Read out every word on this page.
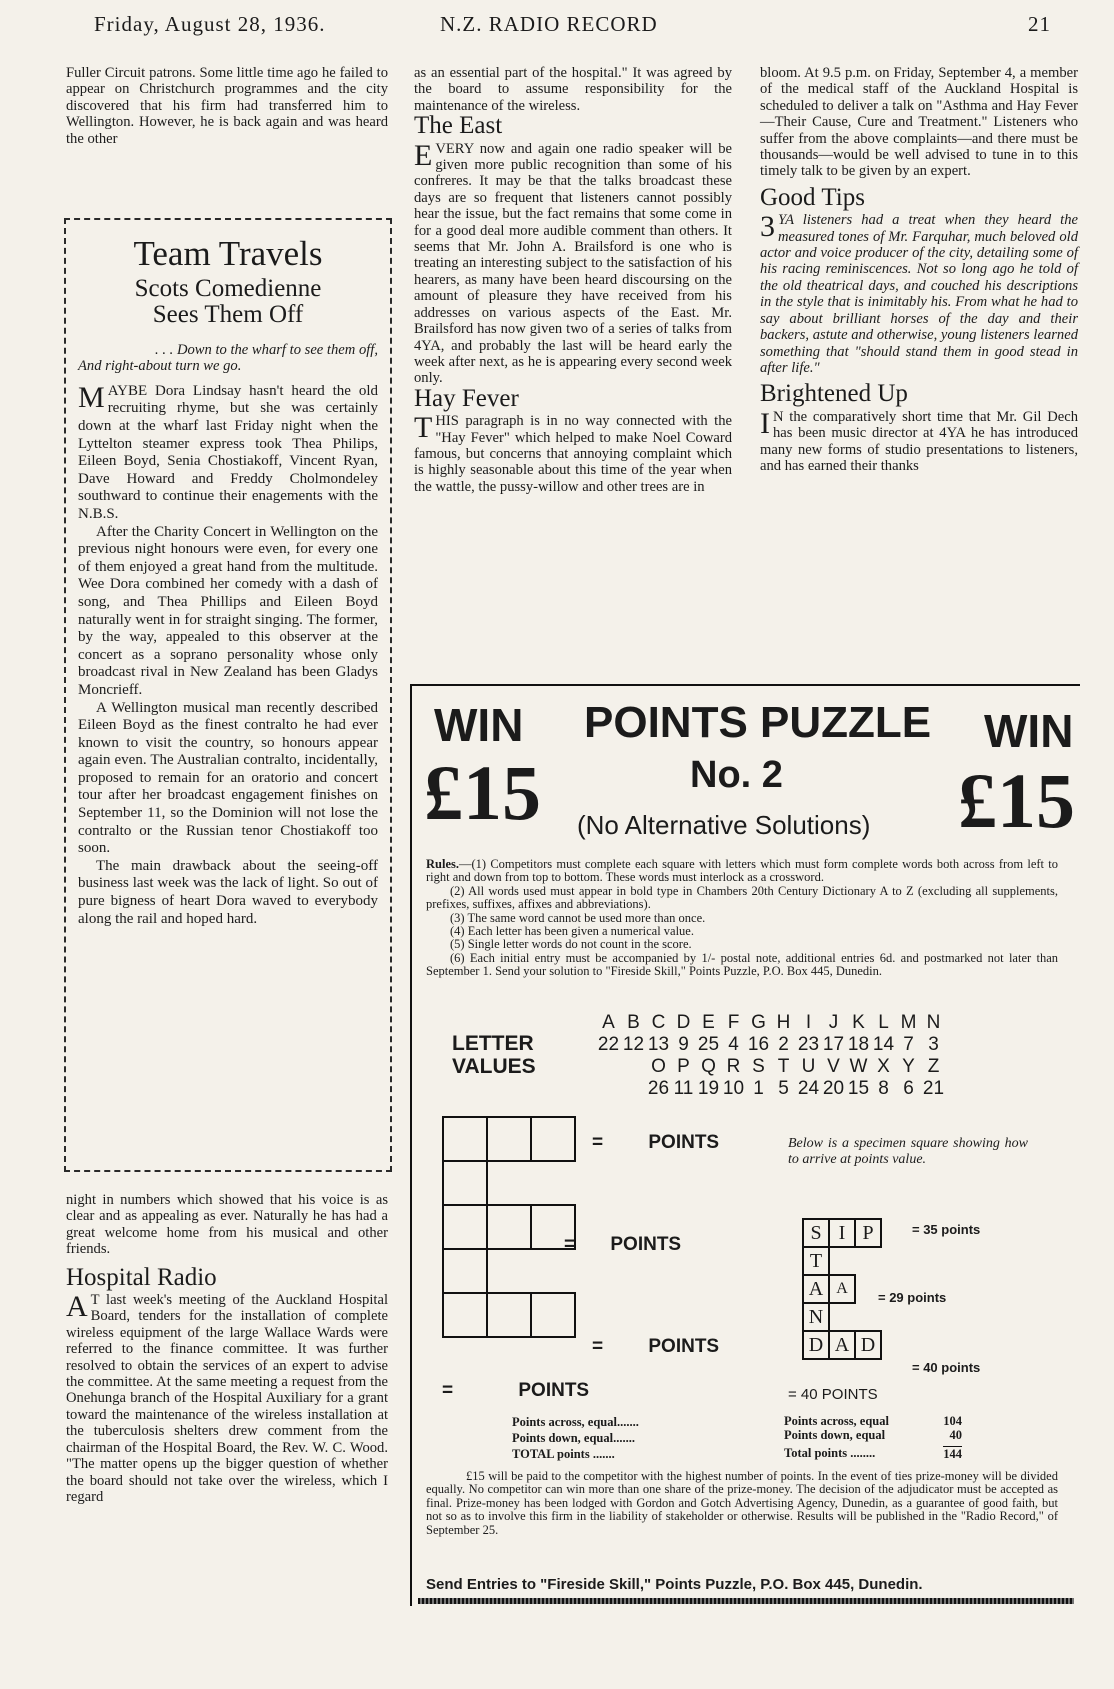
Friday, August 28, 1936.	N.Z. RADIO RECORD	21

Fuller Circuit patrons. Some little time ago he failed to appear on Christchurch programmes and the city discovered that his firm had transferred him to Wellington. However, he is back again and was heard the other

Team Travels
Scots Comedienne
Sees Them Off
. . . Down to the wharf to see them off,
And right-about turn we go.

MAYBE Dora Lindsay hasn't heard the old recruiting rhyme, but she was certainly down at the wharf last Friday night when the Lyttelton steamer express took Thea Philips, Eileen Boyd, Senia Chostiakoff, Vincent Ryan, Dave Howard and Freddy Cholmondeley southward to continue their enagements with the N.B.S.

After the Charity Concert in Wellington on the previous night honours were even, for every one of them enjoyed a great hand from the multitude. Wee Dora combined her comedy with a dash of song, and Thea Phillips and Eileen Boyd naturally went in for straight singing. The former, by the way, appealed to this observer at the concert as a soprano personality whose only broadcast rival in New Zealand has been Gladys Moncrieff.

A Wellington musical man recently described Eileen Boyd as the finest contralto he had ever known to visit the country, so honours appear again even. The Australian contralto, incidentally, proposed to remain for an oratorio and concert tour after her broadcast engagement finishes on September 11, so the Dominion will not lose the contralto or the Russian tenor Chostiakoff too soon.

The main drawback about the seeing-off business last week was the lack of light. So out of pure bigness of heart Dora waved to everybody along the rail and hoped hard.

night in numbers which showed that his voice is as clear and as appealing as ever. Naturally he has had a great welcome home from his musical and other friends.

Hospital Radio

A T last week's meeting of the Auckland Hospital Board, tenders for the installation of complete wireless equipment of the large Wallace Wards were referred to the finance committee. It was further resolved to obtain the services of an expert to advise the committee. At the same meeting a request from the Onehunga branch of the Hospital Auxiliary for a grant toward the maintenance of the wireless installation at the tuberculosis shelters drew comment from the chairman of the Hospital Board, the Rev. W. C. Wood. "The matter opens up the bigger question of whether the board should not take over the wireless, which I regard

as an essential part of the hospital." It was agreed by the board to assume responsibility for the maintenance of the wireless.

The East

EVERY now and again one radio speaker will be given more public recognition than some of his confreres. It may be that the talks broadcast these days are so frequent that listeners cannot possibly hear the issue, but the fact remains that some come in for a good deal more audible comment than others. It seems that Mr. John A. Brailsford is one who is treating an interesting subject to the satisfaction of his hearers, as many have been heard discoursing on the amount of pleasure they have received from his addresses on various aspects of the East. Mr. Brailsford has now given two of a series of talks from 4YA, and probably the last will be heard early the week after next, as he is appearing every second week only.

Hay Fever

THIS paragraph is in no way connected with the "Hay Fever" which helped to make Noel Coward famous, but concerns that annoying complaint which is highly seasonable about this time of the year when the wattle, the pussy-willow and other trees are in

bloom. At 9.5 p.m. on Friday, September 4, a member of the medical staff of the Auckland Hospital is scheduled to deliver a talk on "Asthma and Hay Fever—Their Cause, Cure and Treatment." Listeners who suffer from the above complaints—and there must be thousands—would be well advised to tune in to this timely talk to be given by an expert.

Good Tips

3 YA listeners had a treat when they heard the measured tones of Mr. Farquhar, much beloved old actor and voice producer of the city, detailing some of his racing reminiscences. Not so long ago he told of the old theatrical days, and couched his descriptions in the style that is inimitably his. From what he had to say about brilliant horses of the day and their backers, astute and otherwise, young listeners learned something that "should stand them in good stead in after life."

Brightened Up

I N the comparatively short time that Mr. Gil Dech has been music director at 4YA he has introduced many new forms of studio presentations to listeners, and has earned their thanks

WIN
£15
POINTS PUZZLE
No. 2
(No Alternative Solutions)
WIN
£15
Rules.—(1) Competitors must complete each square with letters which must form complete words both across from left to right and down from top to bottom. These words must interlock as a crossword.
(2) All words used must appear in bold type in Chambers 20th Century Dictionary A to Z (excluding all supplements, prefixes, suffixes, affixes and abbreviations).
(3) The same word cannot be used more than once.
(4) Each letter has been given a numerical value.
(5) Single letter words do not count in the score.
(6) Each initial entry must be accompanied by 1/- postal note, additional entries 6d. and postmarked not later than September 1. Send your solution to "Fireside Skill," Points Puzzle, P.O. Box 445, Dunedin.
LETTER
VALUES
A B C D E F G H I J K L M N
22 12 13 9 25 4 16 2 23 17 18 14 7 3
O P Q R S T U V W X Y Z
26 11 19 10 1 5 24 20 15 8 6 21

= POINTS
= POINTS
= POINTS
=	POINTS
Below is a specimen square showing how to arrive at points value.
S	I	P
T		
A	A	
N		
D	A	D
= 35 points
= 29 points
= 40 points
= 40 POINTS
Points across, equal.......
Points down, equal.......
TOTAL points .......
Points across, equal	104
Points down, equal	40
Total points ........	144
£15 will be paid to the competitor with the highest number of points. In the event of ties prize-money will be divided equally. No competitor can win more than one share of the prize-money. The decision of the adjudicator must be accepted as final. Prize-money has been lodged with Gordon and Gotch Advertising Agency, Dunedin, as a guarantee of good faith, but not so as to involve this firm in the liability of stakeholder or otherwise. Results will be published in the "Radio Record," of September 25.
Send Entries to "Fireside Skill," Points Puzzle, P.O. Box 445, Dunedin.
